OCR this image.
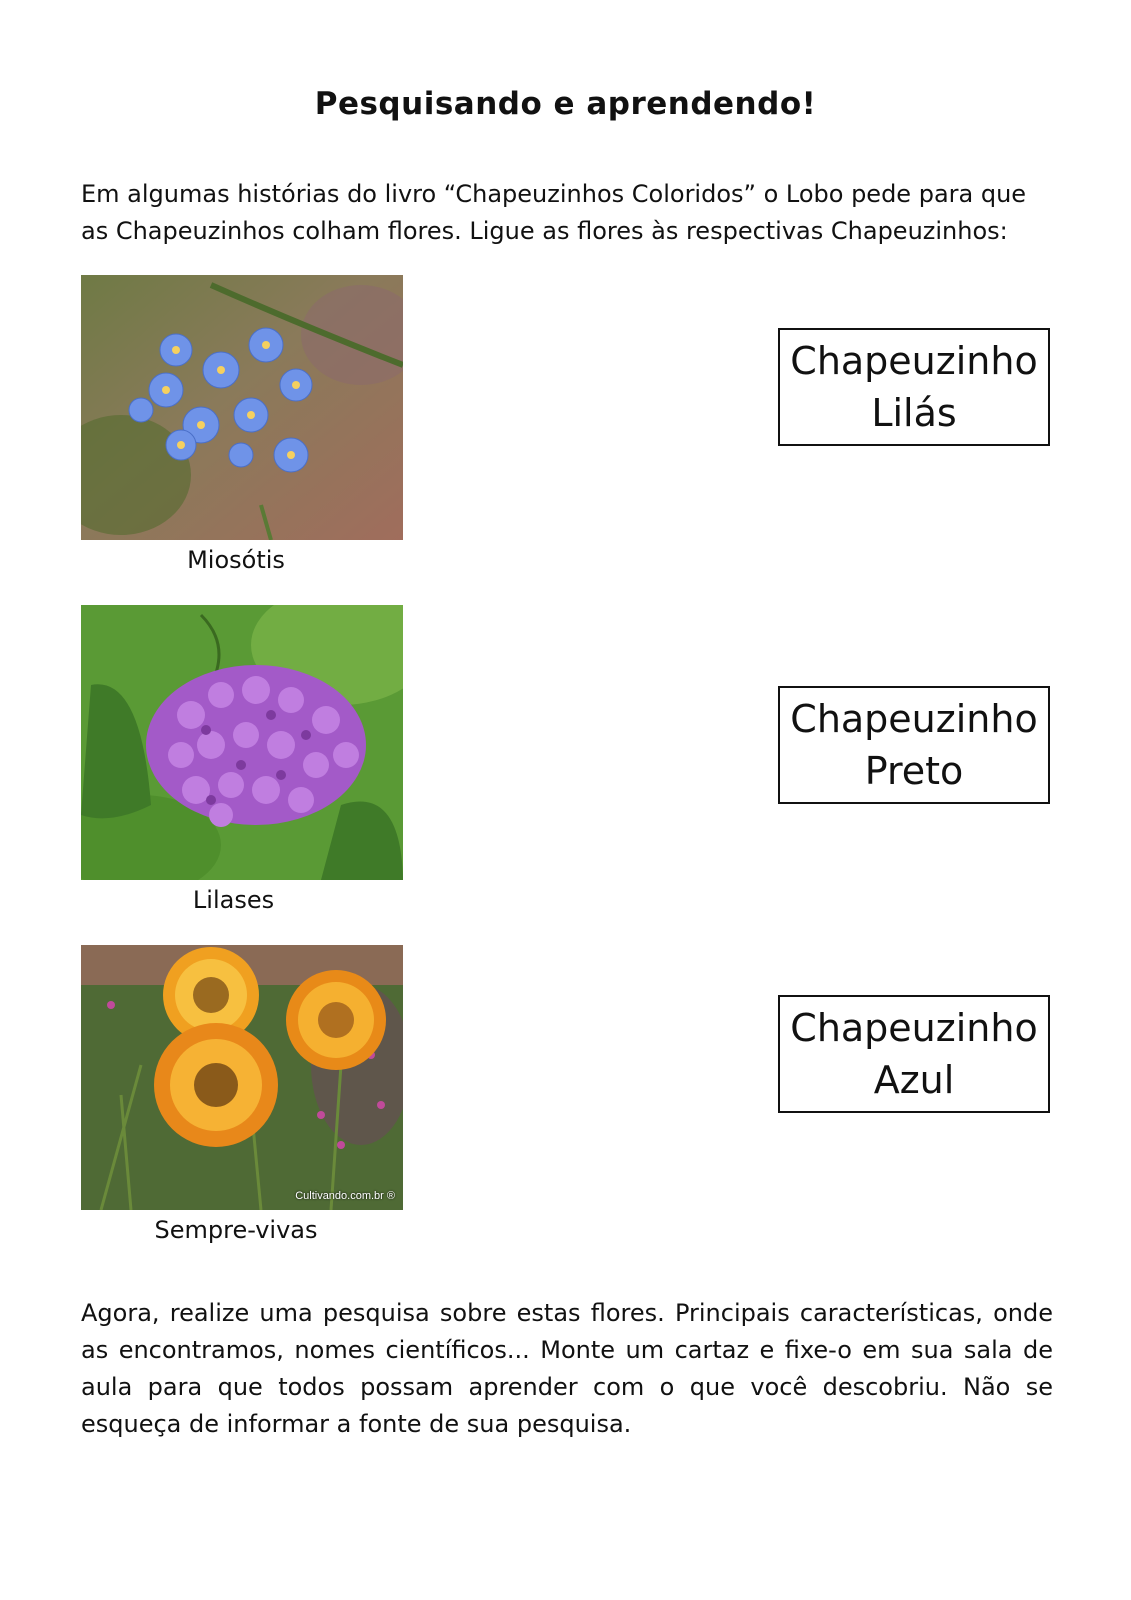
Pesquisando e aprendendo!

Em algumas histórias do livro “Chapeuzinhos Coloridos” o Lobo pede para que as Chapeuzinhos colham flores. Ligue as flores às respectivas Chapeuzinhos:

Miosótis
Lilases
Cultivando.com.br ®
Sempre-vivas
Chapeuzinho
Lilás
Chapeuzinho
Preto
Chapeuzinho
Azul

Agora, realize uma pesquisa sobre estas flores. Principais características, onde as encontramos, nomes científicos... Monte um cartaz e fixe-o em sua sala de aula para que todos possam aprender com o que você descobriu. Não se esqueça de informar a fonte de sua pesquisa.
